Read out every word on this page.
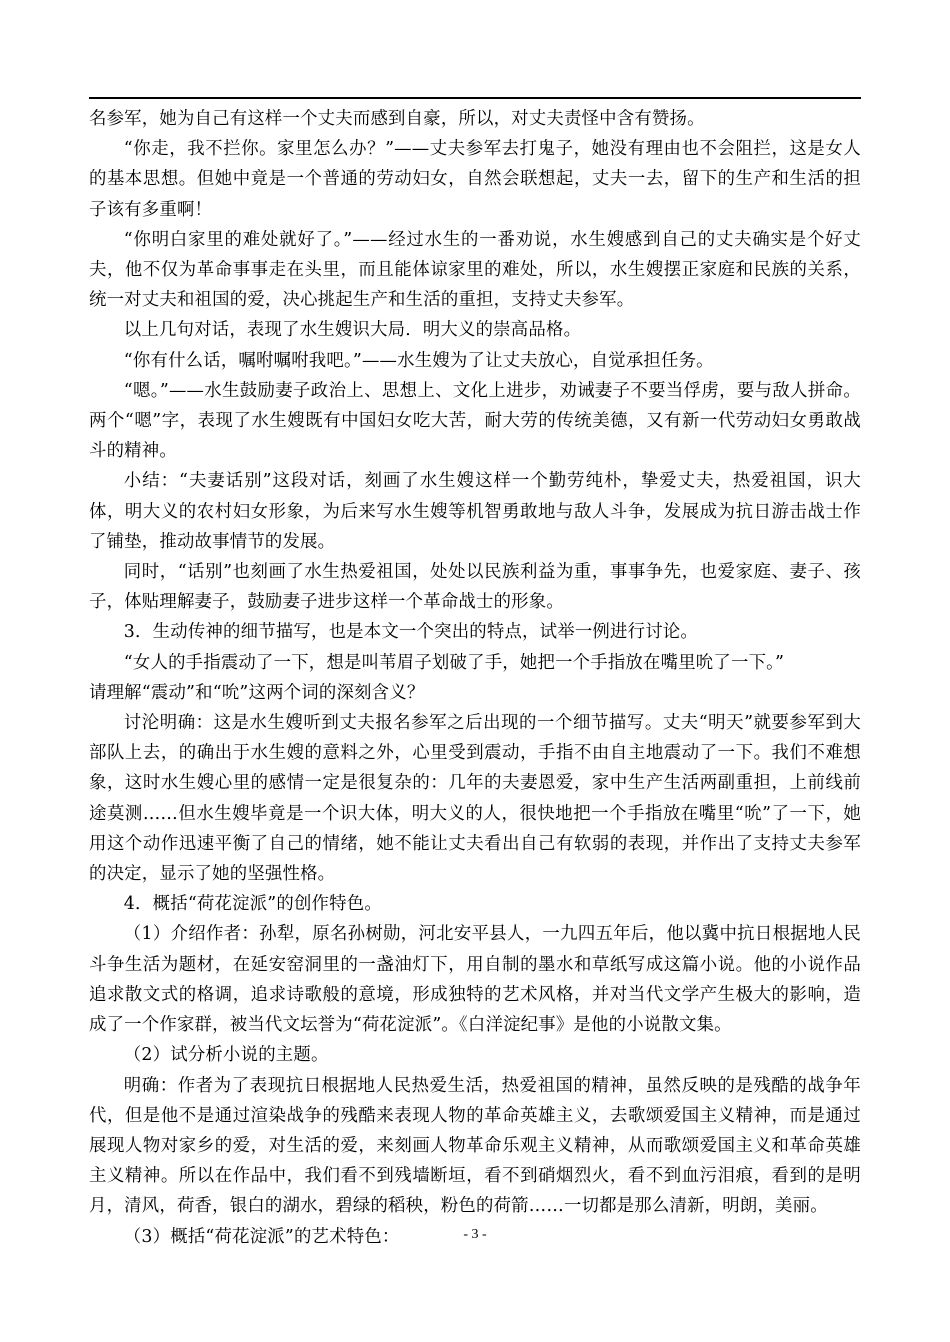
名参军，她为自己有这样一个丈夫而感到自豪，所以，对丈夫责怪中含有赞扬。

“你走，我不拦你。家里怎么办？”——丈夫参军去打鬼子，她没有理由也不会阻拦，这是女人的基本思想。但她中竟是一个普通的劳动妇女，自然会联想起，丈夫一去，留下的生产和生活的担子该有多重啊！

“你明白家里的难处就好了。”——经过水生的一番劝说，水生嫂感到自己的丈夫确实是个好丈夫，他不仅为革命事事走在头里，而且能体谅家里的难处，所以，水生嫂摆正家庭和民族的关系，统一对丈夫和祖国的爱，决心挑起生产和生活的重担，支持丈夫参军。

以上几句对话，表现了水生嫂识大局．明大义的崇高品格。

“你有什么话，嘱咐嘱咐我吧。”——水生嫂为了让丈夫放心，自觉承担任务。

“嗯。”——水生鼓励妻子政治上、思想上、文化上进步，劝诫妻子不要当俘虏，要与敌人拼命。两个“嗯”字，表现了水生嫂既有中国妇女吃大苦，耐大劳的传统美德，又有新一代劳动妇女勇敢战斗的精神。

小结：“夫妻话别”这段对话，刻画了水生嫂这样一个勤劳纯朴，挚爱丈夫，热爱祖国，识大体，明大义的农村妇女形象，为后来写水生嫂等机智勇敢地与敌人斗争，发展成为抗日游击战士作了铺垫，推动故事情节的发展。

同时，“话别”也刻画了水生热爱祖国，处处以民族利益为重，事事争先，也爱家庭、妻子、孩子，体贴理解妻子，鼓励妻子进步这样一个革命战士的形象。

3．生动传神的细节描写，也是本文一个突出的特点，试举一例进行讨论。

“女人的手指震动了一下，想是叫苇眉子划破了手，她把一个手指放在嘴里吮了一下。”

请理解“震动”和“吮”这两个词的深刻含义？

讨沦明确：这是水生嫂听到丈夫报名参军之后出现的一个细节描写。丈夫“明天”就要参军到大部队上去，的确出于水生嫂的意料之外，心里受到震动，手指不由自主地震动了一下。我们不难想象，这时水生嫂心里的感情一定是很复杂的：几年的夫妻恩爱，家中生产生活两副重担，上前线前途莫测……但水生嫂毕竟是一个识大体，明大义的人，很快地把一个手指放在嘴里“吮”了一下，她用这个动作迅速平衡了自己的情绪，她不能让丈夫看出自己有软弱的表现，并作出了支持丈夫参军的决定，显示了她的坚强性格。

4．概括“荷花淀派”的创作特色。

（1）介绍作者：孙犁，原名孙树勋，河北安平县人，一九四五年后，他以冀中抗日根据地人民斗争生活为题材，在延安窑洞里的一盏油灯下，用自制的墨水和草纸写成这篇小说。他的小说作品追求散文式的格调，追求诗歌般的意境，形成独特的艺术风格，并对当代文学产生极大的影响，造成了一个作家群，被当代文坛誉为“荷花淀派”。《白洋淀纪事》是他的小说散文集。

（2）试分析小说的主题。

明确：作者为了表现抗日根据地人民热爱生活，热爱祖国的精神，虽然反映的是残酷的战争年代，但是他不是通过渲染战争的残酷来表现人物的革命英雄主义，去歌颂爱国主义精神，而是通过展现人物对家乡的爱，对生活的爱，来刻画人物革命乐观主义精神，从而歌颂爱国主义和革命英雄主义精神。所以在作品中，我们看不到残墙断垣，看不到硝烟烈火，看不到血污泪痕，看到的是明月，清风，荷香，银白的湖水，碧绿的稻秧，粉色的荷箭……一切都是那么清新，明朗，美丽。

（3）概括“荷花淀派”的艺术特色：	- 3 -
